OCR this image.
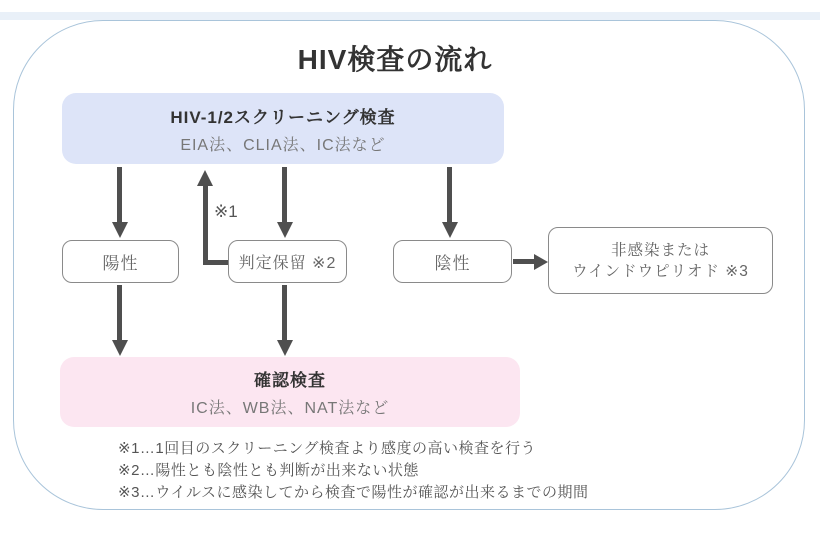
HIV検査の流れ
HIV-1/2スクリーニング検査
EIA法、CLIA法、IC法など
※1
陽性	判定保留 ※2	陰性
非感染または
ウインドウピリオド ※3
確認検査
IC法、WB法、NAT法など
※1…1回目のスクリーニング検査より感度の高い検査を行う
※2…陽性とも陰性とも判断が出来ない状態
※3…ウイルスに感染してから検査で陽性が確認が出来るまでの期間
